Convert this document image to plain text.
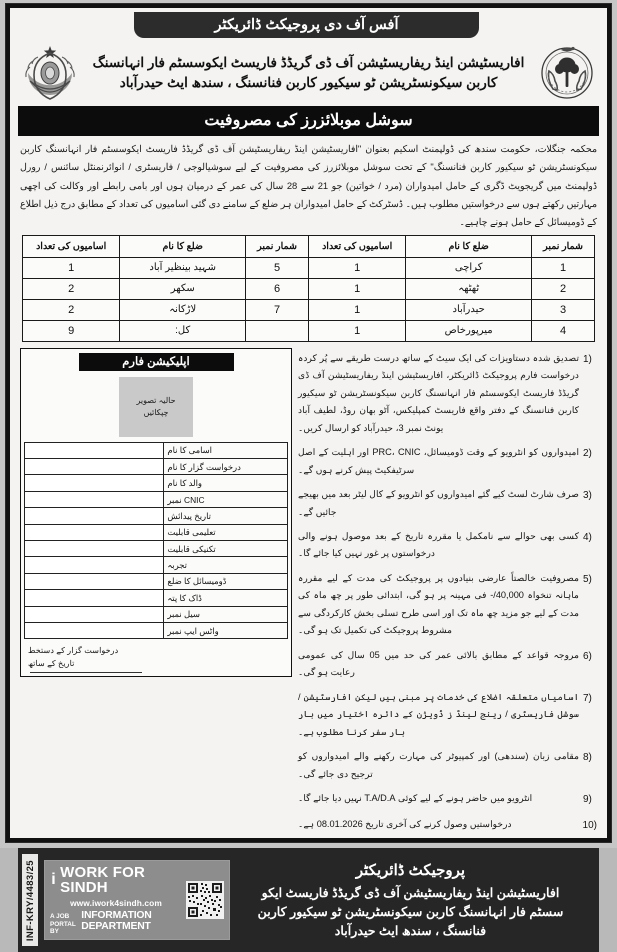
آفس آف دی پروجیکٹ ڈائریکٹر
افاریسٹیشن اینڈ ریفاریسٹیشن آف ڈی گریڈڈ فاریسٹ ایکوسسٹم فار انہانسنگ
کاربن سیکونسٹریشن ٹو سیکیور کاربن فنانسنگ ، سندھ ایٹ حیدرآباد
سوشل موبلائزرز کی مصروفیت
محکمہ جنگلات، حکومت سندھ کی ڈولپمنٹ اسکیم بعنوان "افاریسٹیشن اینڈ ریفاریسٹیشن آف ڈی گریڈڈ فاریسٹ ایکوسسٹم فار انہانسنگ کاربن سیکونسٹریشن ٹو سیکیور کاربن فنانسنگ" کے تحت سوشل موبلائزرز کی مصروفیت کے لیے سوشیالوجی / فاریسٹری / انوائرنمنٹل سائنس / رورل ڈولپمنٹ میں گریجویٹ ڈگری کے حامل امیدواران (مرد / خواتین) جو 21 سے 28 سال کی عمر کے درمیان ہوں اور بامی رابطے اور وکالت کی اچھی مہارتیں رکھتے ہوں سے درخواستیں مطلوب ہیں۔ ڈسٹرکٹ کے حامل امیدواران ہر ضلع کے سامنے دی گئی اسامیوں کی تعداد کے مطابق درج ذیل اطلاع کے ڈومیسائل کے حامل ہونے چاہیے۔
شمار نمبر	ضلع کا نام	اسامیوں کی تعداد	شمار نمبر	ضلع کا نام	اسامیوں کی تعداد
1	کراچی	1	5	شہید بینظیر آباد	1
2	ٹھٹھہ	1	6	سکھر	2
3	حیدرآباد	1	7	لاڑکانہ	2
4	میرپورخاص	1		کل:	9
1)
تصدیق شدہ دستاویزات کی ایک سیٹ کے ساتھ درست طریقے سے پُر کردہ درخواست فارم پروجیکٹ ڈائریکٹر، افاریسٹیشن اینڈ ریفاریسٹیشن آف ڈی گریڈڈ فاریسٹ ایکوسسٹم فار انہانسنگ کاربن سیکونسٹریشن ٹو سیکیور کاربن فنانسنگ کے دفتر واقع فاریسٹ کمپلیکس، آٹو بھان روڈ، لطیف آباد یونٹ نمبر 3، حیدرآباد کو ارسال کریں۔
2)
امیدواروں کو انٹرویو کے وقت ڈومیسائل، PRC، CNIC اور اہلیت کے اصل سرٹیفکیٹ پیش کرنے ہوں گے۔
3)
صرف شارٹ لسٹ کیے گئے امیدواروں کو انٹرویو کے کال لیٹر بعد میں بھیجے جائیں گے۔
4)
کسی بھی حوالے سے نامکمل یا مقررہ تاریخ کے بعد موصول ہونے والی درخواستوں پر غور نہیں کیا جائے گا۔
5)
مصروفیت خالصتاً عارضی بنیادوں پر پروجیکٹ کی مدت کے لیے مقررہ ماہانہ تنخواہ 40,000/- فی مہینہ پر ہو گی، ابتدائی طور پر چھ ماہ کی مدت کے لیے جو مزید چھ ماہ تک اور اسی طرح تسلی بخش کارکردگی سے مشروط پروجیکٹ کی تکمیل تک ہو گی۔
6)
مروجہ قواعد کے مطابق بالائی عمر کی حد میں 05 سال کی عمومی رعایت ہو گی۔
7)
اسامیاں متعلقہ اضلاع کی خدمات پر مبنی ہیں لیکن افارسٹیشن / سوشل فاریسٹری / رینج لینڈ ز ڈویژن کے دائرہ اختیار میں بار بار سفر کرنا مطلوب ہے۔
8)
مقامی زبان (سندھی) اور کمپیوٹر کی مہارت رکھنے والے امیدواروں کو ترجیح دی جائے گی۔
9)
انٹرویو میں حاضر ہونے کے لیے کوئی T.A/D.A نہیں دیا جائے گا۔
10)
درخواستیں وصول کرنے کی آخری تاریخ 08.01.2026 ہے۔
اپلیکیشن فارم
حالیہ تصویر
چپکائیں
اسامی کا نام	
درخواست گزار کا نام	
والد کا نام	
CNIC نمبر	
تاریخ پیدائش	
تعلیمی قابلیت	
تکنیکی قابلیت	
تجربہ	
ڈومیسائل کا ضلع	
ڈاک کا پتہ	
سیل نمبر	
واٹس ایپ نمبر	
درخواست گزار کے دستخط
تاریخ کے ساتھ
پروجیکٹ ڈائریکٹر
افاریسٹیشن اینڈ ریفاریسٹیشن آف ڈی گریڈڈ فاریسٹ ایکو
سسٹم فار انہانسنگ کاربن سیکونسٹریشن ٹو سیکیور کاربن
فنانسنگ ، سندھ ایٹ حیدرآباد
i WORK FOR SINDH
www.iwork4sindh.com
A JOB
PORTAL BY
INFORMATION DEPARTMENT
INF-KRY/4483/25
